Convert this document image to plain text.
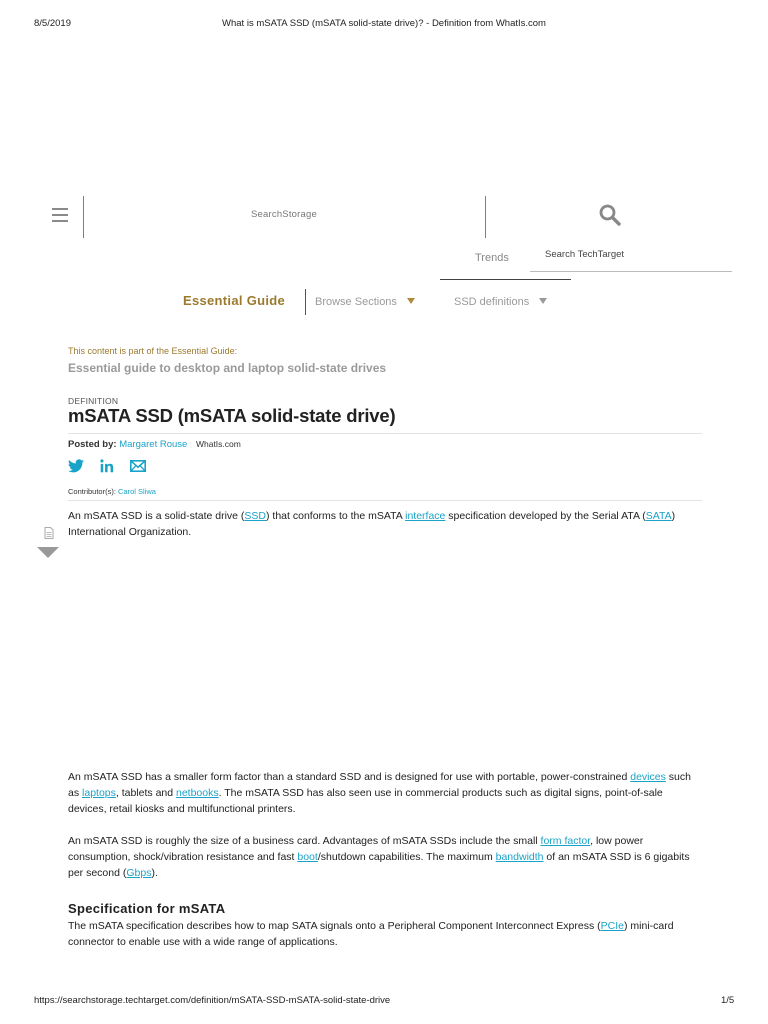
8/5/2019	What is mSATA SSD (mSATA solid-state drive)? - Definition from WhatIs.com
https://searchstorage.techtarget.com/definition/mSATA-SSD-mSATA-solid-state-drive	1/5
SearchStorage
Trends	Search TechTarget
Essential Guide	Browse Sections	SSD definitions
This content is part of the Essential Guide:
Essential guide to desktop and laptop solid-state drives
DEFINITION
mSATA SSD (mSATA solid-state drive)
Posted by: Margaret Rouse WhatIs.com
Contributor(s): Carol Sliwa
An mSATA SSD is a solid-state drive (SSD) that conforms to the mSATA interface specification developed by the Serial ATA (SATA) International Organization.
An mSATA SSD has a smaller form factor than a standard SSD and is designed for use with portable, power-constrained devices such as laptops, tablets and netbooks. The mSATA SSD has also seen use in commercial products such as digital signs, point-of-sale devices, retail kiosks and multifunctional printers.
An mSATA SSD is roughly the size of a business card. Advantages of mSATA SSDs include the small form factor, low power consumption, shock/vibration resistance and fast boot/shutdown capabilities. The maximum bandwidth of an mSATA SSD is 6 gigabits per second (Gbps).
Specification for mSATA
The mSATA specification describes how to map SATA signals onto a Peripheral Component Interconnect Express (PCIe) mini-card connector to enable use with a wide range of applications.
